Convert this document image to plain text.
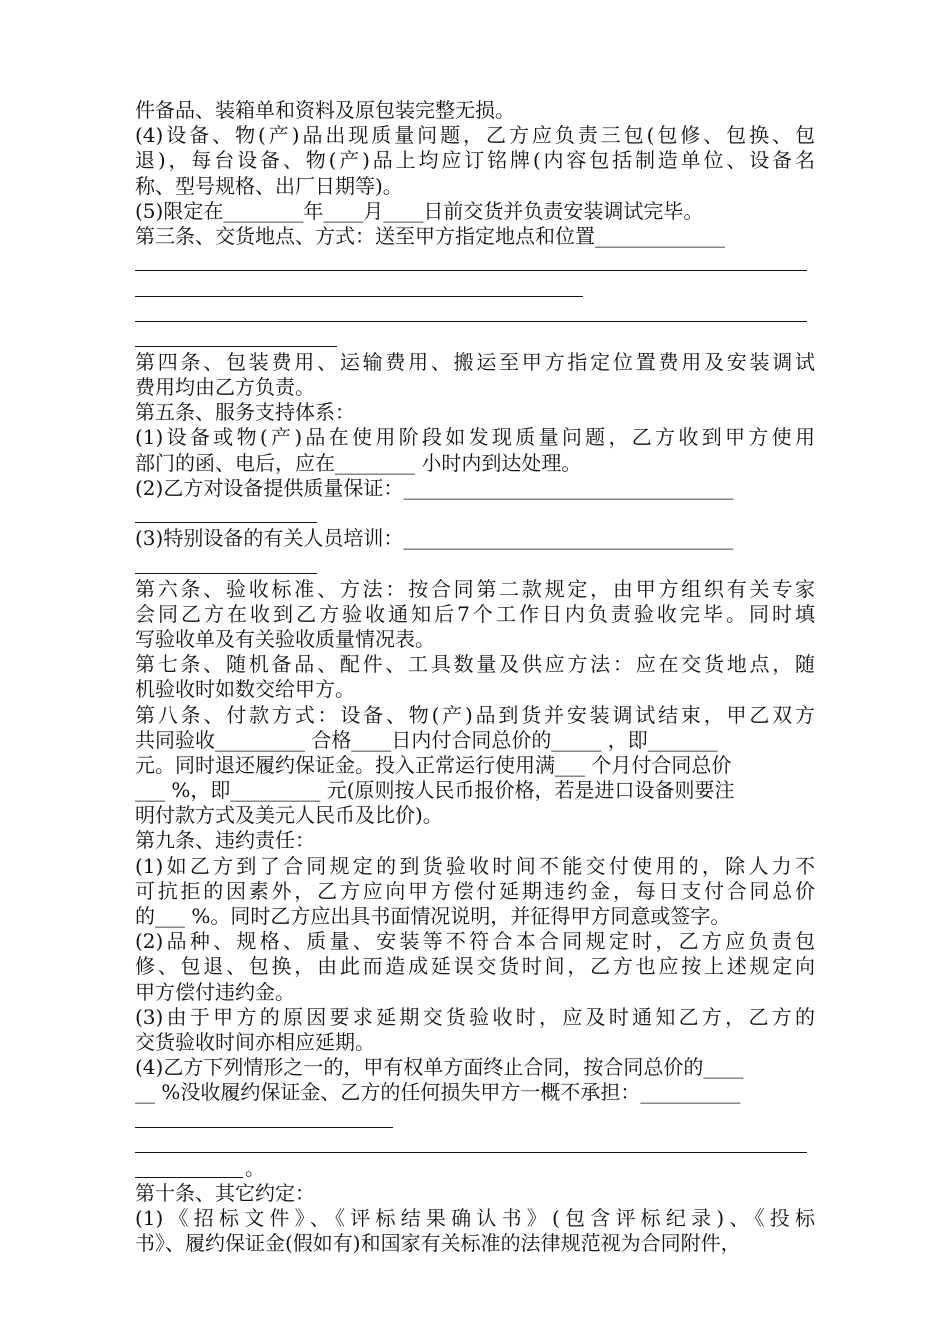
件备品、装箱单和资料及原包装完整无损。
(4)设备、物(产)品出现质量问题，乙方应负责三包(包修、包换、包
退)，每台设备、物(产)品上均应订铭牌(内容包括制造单位、设备名
称、型号规格、出厂日期等)。
(5)限定在________年____月____日前交货并负责安装调试完毕。
第三条、交货地点、方式：送至甲方指定地点和位置_____________
第四条、包装费用、运输费用、搬运至甲方指定位置费用及安装调试
费用均由乙方负责。
第五条、服务支持体系：
(1)设备或物(产)品在使用阶段如发现质量问题，乙方收到甲方使用
部门的函、电后，应在________ 小时内到达处理。
(2)乙方对设备提供质量保证：_________________________________
(3)特别设备的有关人员培训：_________________________________
第六条、验收标准、方法：按合同第二款规定，由甲方组织有关专家
会同乙方在收到乙方验收通知后7个工作日内负责验收完毕。同时填
写验收单及有关验收质量情况表。
第七条、随机备品、配件、工具数量及供应方法：应在交货地点，随
机验收时如数交给甲方。
第八条、付款方式：设备、物(产)品到货并安装调试结束，甲乙双方
共同验收_________ 合格____日内付合同总价的_____ ，即_______
元。同时退还履约保证金。投入正常运行使用满___ 个月付合同总价
___ %，即_________ 元(原则按人民币报价格，若是进口设备则要注
明付款方式及美元人民币及比价)。
第九条、违约责任：
(1)如乙方到了合同规定的到货验收时间不能交付使用的，除人力不
可抗拒的因素外，乙方应向甲方偿付延期违约金，每日支付合同总价
的___ %。同时乙方应出具书面情况说明，并征得甲方同意或签字。
(2)品种、规格、质量、安装等不符合本合同规定时，乙方应负责包
修、包退、包换，由此而造成延误交货时间，乙方也应按上述规定向
甲方偿付违约金。
(3)由于甲方的原因要求延期交货验收时，应及时通知乙方，乙方的
交货验收时间亦相应延期。
(4)乙方下列情形之一的，甲有权单方面终止合同，按合同总价的____
__ %没收履约保证金、乙方的任何损失甲方一概不承担：__________
。
第十条、其它约定：
(1)《招标文件》、《评标结果确认书》(包含评标纪录)、《投标
书》、履约保证金(假如有)和国家有关标准的法律规范视为合同附件，
